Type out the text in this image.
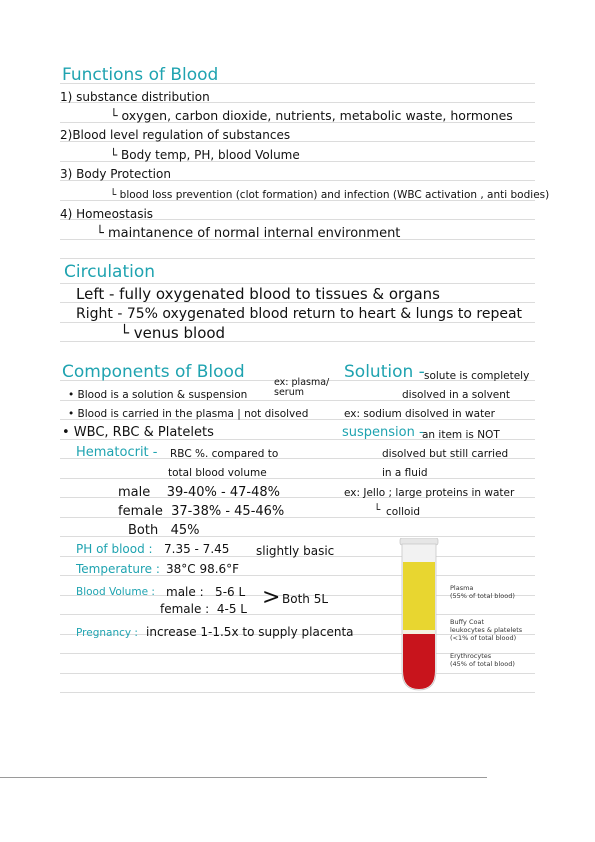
Functions of Blood
1) substance distribution
└ oxygen, carbon dioxide, nutrients, metabolic waste, hormones
2)Blood level regulation of substances
└ Body temp, PH, blood Volume
3) Body Protection
└ blood loss prevention (clot formation) and infection (WBC activation , anti bodies)
4) Homeostasis
└ maintanence of normal internal environment
Circulation
Left - fully oxygenated blood to tissues & organs
Right - 75% oxygenated blood return to heart & lungs to repeat
└ venus blood
Components of Blood
• Blood is a solution & suspension
ex: plasma/ serum
• Blood is carried in the plasma | not disolved
• WBC, RBC & Platelets
Hematocrit - RBC %. compared to
total blood volume
male    39-40% - 47-48%
female  37-38% - 45-46%
Both   45%
PH of blood : 7.35 - 7.45 slightly basic
Temperature : 38°C 98.6°F
Blood Volume : male :   5-6 L
female :  4-5 L > Both 5L
Pregnancy : increase 1-1.5x to supply placenta
Solution - solute is completely
disolved in a solvent
ex: sodium disolved in water
suspension -
an item is NOT
disolved but still carried
in a fluid
ex: Jello ; large proteins in water
└ colloid
Plasma
(55% of total blood)
Buffy Coat
leukocytes & platelets
(<1% of total blood)
Erythrocytes
(45% of total blood)
